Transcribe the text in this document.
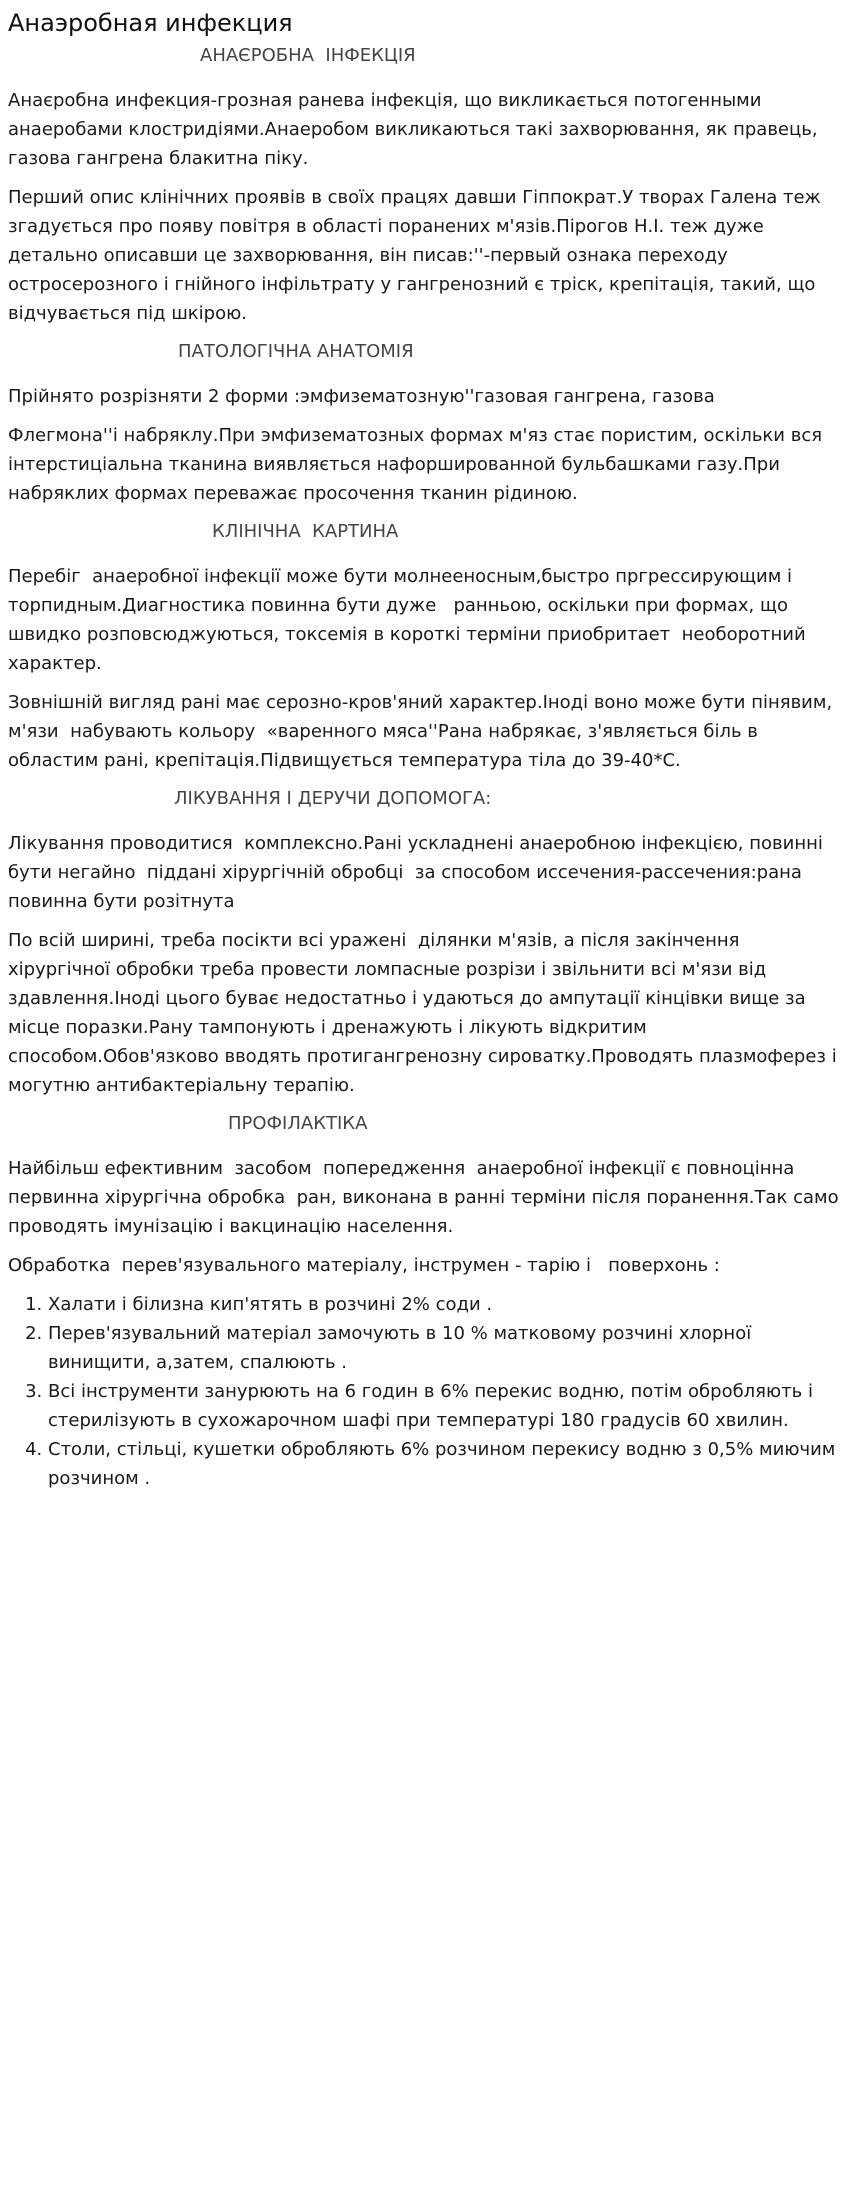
Анаэробная инфекция
АНАЄРОБНА  ІНФЕКЦІЯ

Анаєробна инфекция-грозная ранева інфекція, що викликається потогенными анаеробами клостридіями.Анаеробом викликаються такі захворювання, як правець, газова гангрена блакитна піку.

Перший опис клінічних проявів в своїх працях давши Гіппократ.У творах Галена теж згадується про появу повітря в області поранених м'язів.Пірогов Н.І. теж дуже детально описавши це захворювання, він писав:''-первый ознака переходу остросерозного і гнійного інфільтрату у гангренозний є тріск, крепітація, такий, що відчувається під шкірою.

ПАТОЛОГІЧНА АНАТОМІЯ

Прійнято розрізняти 2 форми :эмфизематозную''газовая гангрена, газова

Флегмона''і набряклу.При эмфизематозных формах м'яз стає пористим, оскільки вся інтерстиціальна тканина виявляється нафоршированной бульбашками газу.При набряклих формах переважає просочення тканин рідиною.

КЛІНІЧНА  КАРТИНА

Перебіг  анаеробної інфекції може бути молнееносным,быстро пргрессирующим і торпидным.Диагностика повинна бути дуже   ранньою, оскільки при формах, що швидко розповсюджуються, токсемія в короткі терміни приобритает  необоротний характер.

Зовнішній вигляд рані має серозно-кров'яний характер.Іноді воно може бути пінявим, м'язи  набувають кольору  «варенного мяса''Рана набрякає, з'являється біль в областим рані, крепітація.Підвищується температура тіла до 39-40*С.

ЛІКУВАННЯ І ДЕРУЧИ ДОПОМОГА:

Лікування проводитися  комплексно.Рані ускладнені анаеробною інфекцією, повинні бути негайно  піддані хірургічній обробці  за способом иссечения-рассечения:рана повинна бути розітнута

По всій ширині, треба посікти всі уражені  ділянки м'язів, а після закінчення хірургічної обробки треба провести ломпасные розрізи і звільнити всі м'язи від здавлення.Іноді цього буває недостатньо і удаються до ампутації кінцівки вище за місце поразки.Рану тампонують і дренажують і лікують відкритим способом.Обов'язково вводять протигангренозну сироватку.Проводять плазмоферез і могутню антибактеріальну терапію.

ПРОФІЛАКТІКА

Найбільш ефективним  засобом  попередження  анаеробної інфекції є повноцінна первинна хірургічна обробка  ран, виконана в ранні терміни після поранення.Так само проводять імунізацію і вакцинацію населення.

Обработка  перев'язувального матеріалу, інструмен - тарію і   поверхонь :

1. Халати і білизна кип'ятять в розчині 2% соди .
2. Перев'язувальний матеріал замочують в 10 % матковому розчині хлорної винищити, а,затем, спалюють .
3. Всі інструменти занурюють на 6 годин в 6% перекис водню, потім обробляють і стерилізують в сухожарочном шафі при температурі 180 градусів 60 хвилин.
4. Столи, стільці, кушетки обробляють 6% розчином перекису водню з 0,5% миючим  розчином .
